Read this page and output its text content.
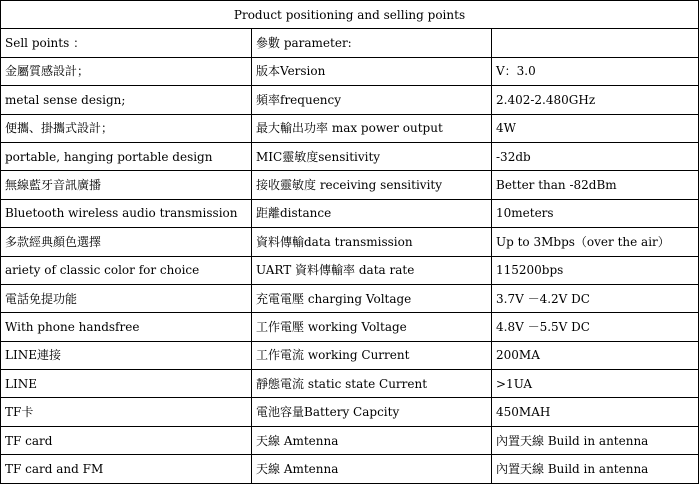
Product positioning and selling points		
Sell points ：	參數 parameter:	
金屬質感設計；	版本Version	V：3.0
metal sense design;	頻率frequency	2.402-2.480GHz
便攜、掛攜式設計；	最大輸出功率 max power output	4W
portable, hanging portable design	MIC靈敏度sensitivity	-32db
無線藍牙音訊廣播	接收靈敏度 receiving sensitivity	Better than -82dBm
Bluetooth wireless audio transmission	距離distance	10meters
多款經典顏色選擇	資料傳輸data transmission	Up to 3Mbps（over the air）
ariety of classic color for choice	UART 資料傳輸率 data rate	115200bps
電話免提功能	充電電壓 charging Voltage	3.7V －4.2V DC
With phone handsfree	工作電壓 working Voltage	4.8V －5.5V DC
LINE連接	工作電流 working Current	200MA
LINE	靜態電流 static state Current	>1UA
TF卡	電池容量Battery Capcity	450MAH
TF card	天線 Amtenna	內置天線 Build in antenna
TF card and FM	天線 Amtenna	內置天線 Build in antenna
